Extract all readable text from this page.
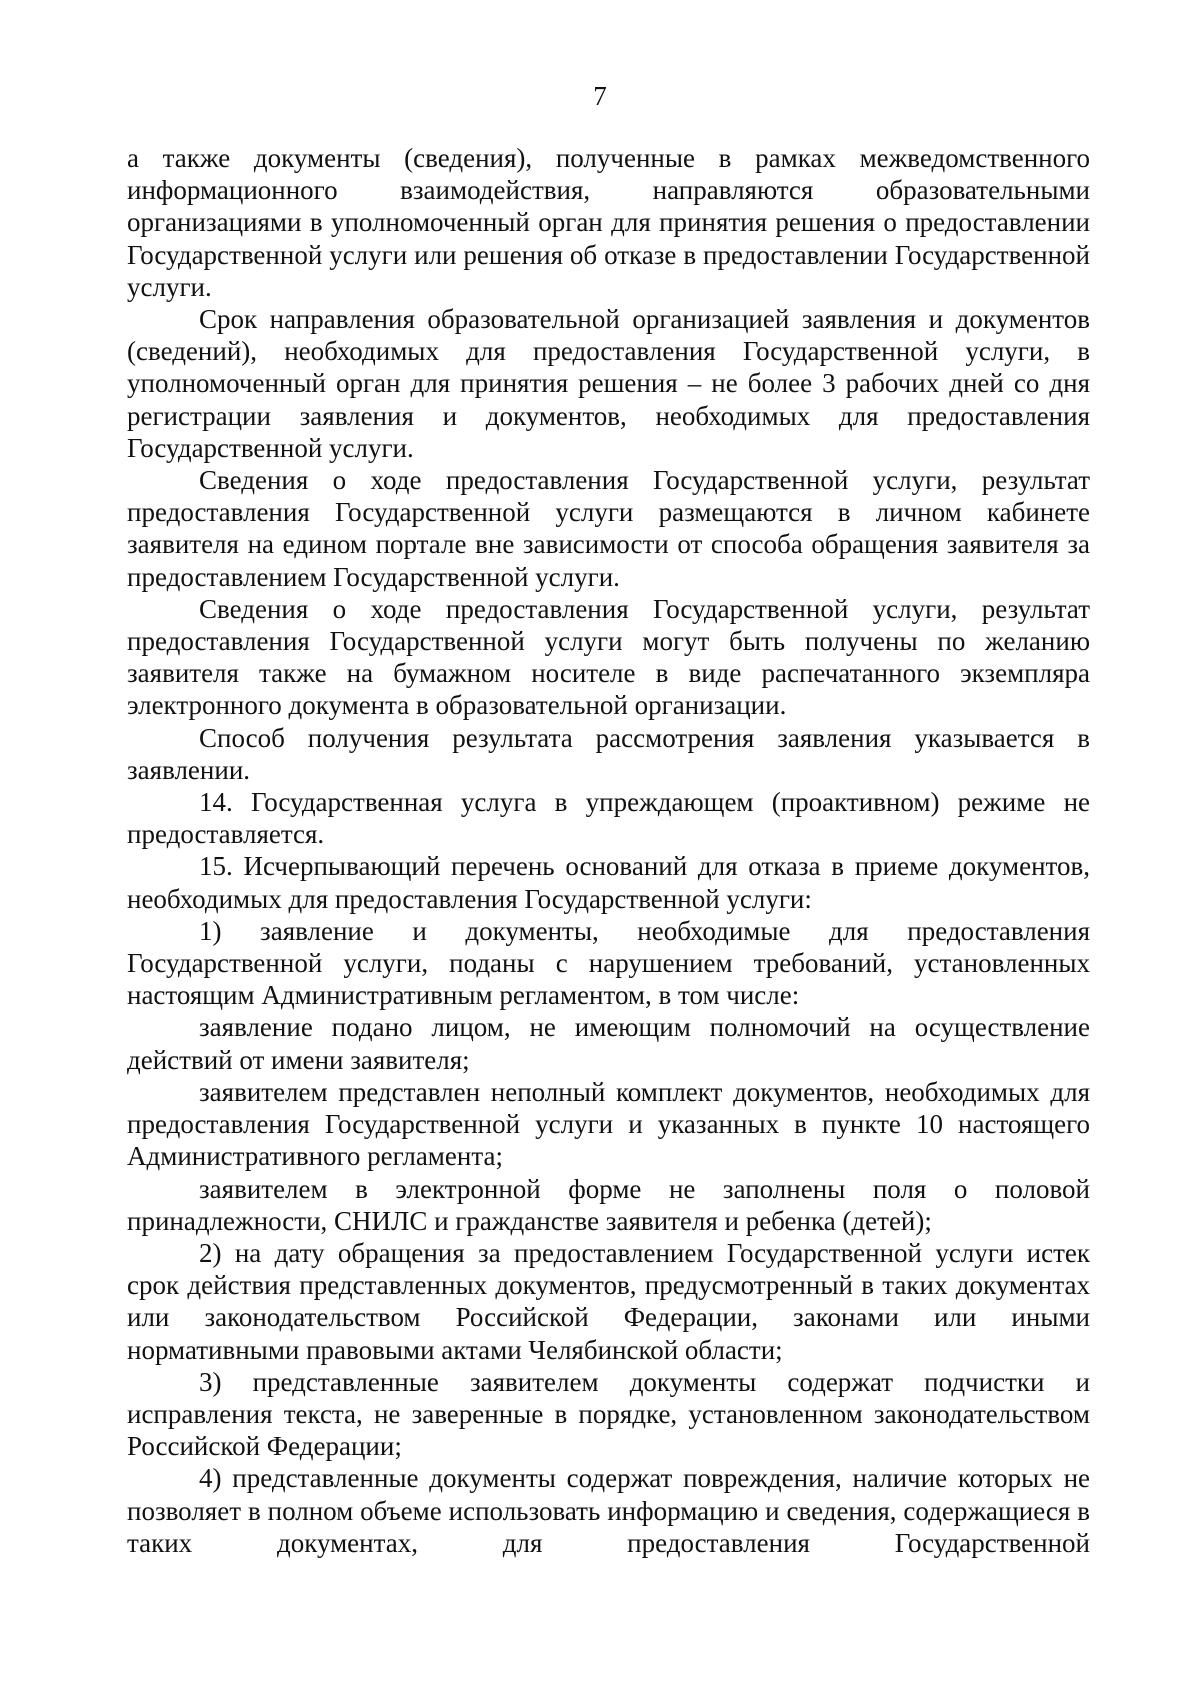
7

а также документы (сведения), полученные в рамках межведомственного информационного взаимодействия, направляются образовательными организациями в уполномоченный орган для принятия решения о предоставлении Государственной услуги или решения об отказе в предоставлении Государственной услуги.

Срок направления образовательной организацией заявления и документов (сведений), необходимых для предоставления Государственной услуги, в уполномоченный орган для принятия решения – не более 3 рабочих дней со дня регистрации заявления и документов, необходимых для предоставления Государственной услуги.

Сведения о ходе предоставления Государственной услуги, результат предоставления Государственной услуги размещаются в личном кабинете заявителя на едином портале вне зависимости от способа обращения заявителя за предоставлением Государственной услуги.

Сведения о ходе предоставления Государственной услуги, результат предоставления Государственной услуги могут быть получены по желанию заявителя также на бумажном носителе в виде распечатанного экземпляра электронного документа в образовательной организации.

Способ получения результата рассмотрения заявления указывается в заявлении.

14. Государственная услуга в упреждающем (проактивном) режиме не предоставляется.

15. Исчерпывающий перечень оснований для отказа в приеме документов, необходимых для предоставления Государственной услуги:

1) заявление и документы, необходимые для предоставления Государственной услуги, поданы с нарушением требований, установленных настоящим Административным регламентом, в том числе:

заявление подано лицом, не имеющим полномочий на осуществление действий от имени заявителя;

заявителем представлен неполный комплект документов, необходимых для предоставления Государственной услуги и указанных в пункте 10 настоящего Административного регламента;

заявителем в электронной форме не заполнены поля о половой принадлежности, СНИЛС и гражданстве заявителя и ребенка (детей);

2) на дату обращения за предоставлением Государственной услуги истек срок действия представленных документов, предусмотренный в таких документах или законодательством Российской Федерации, законами или иными нормативными правовыми актами Челябинской области;

3) представленные заявителем документы содержат подчистки и исправления текста, не заверенные в порядке, установленном законодательством Российской Федерации;

4) представленные документы содержат повреждения, наличие которых не позволяет в полном объеме использовать информацию и сведения, содержащиеся в таких документах, для предоставления Государственной
